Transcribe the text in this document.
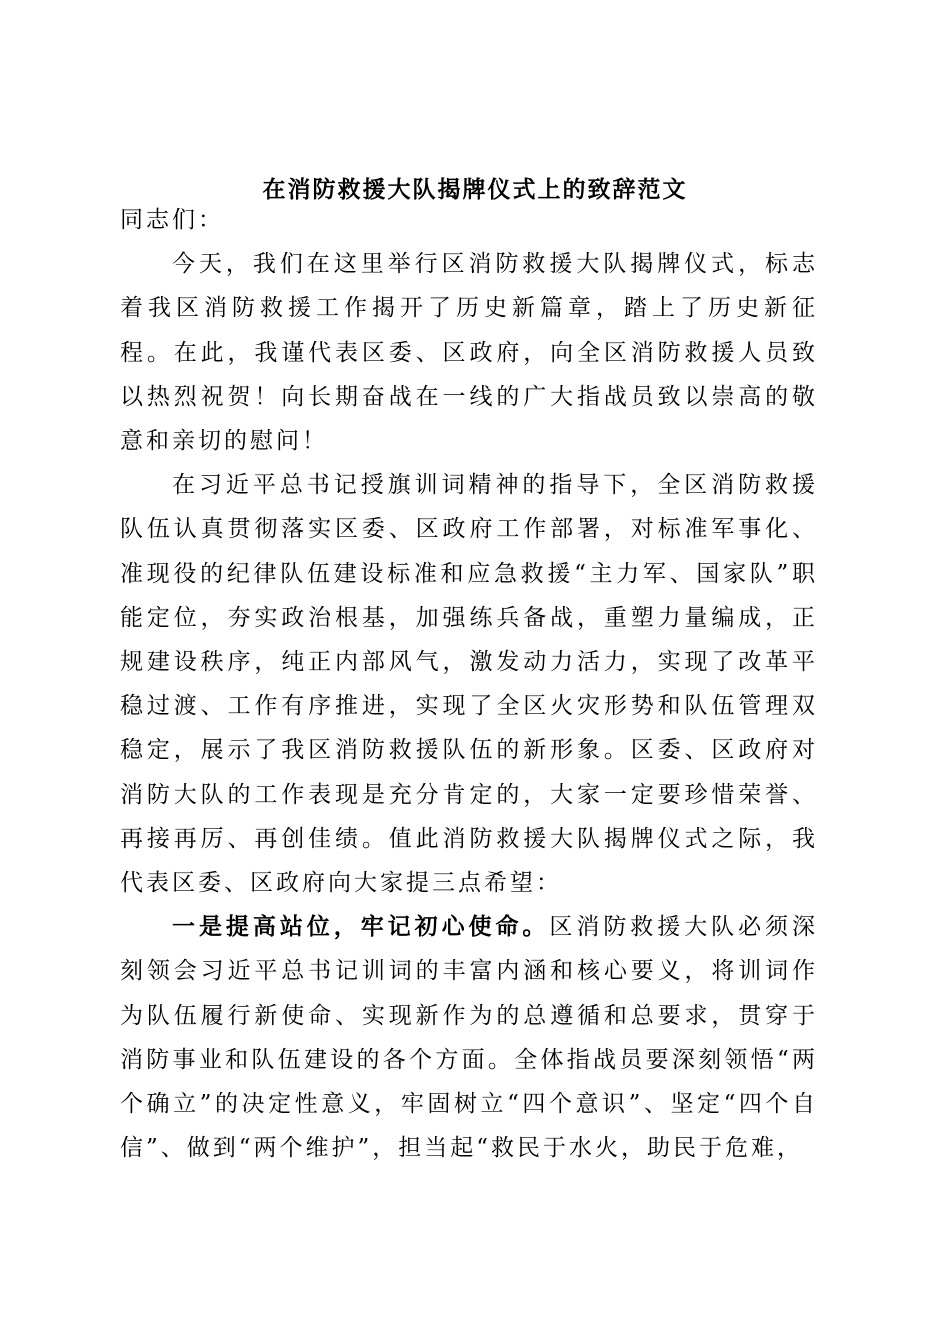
在消防救援大队揭牌仪式上的致辞范文

同志们：

今天，我们在这里举行区消防救援大队揭牌仪式，标志着我区消防救援工作揭开了历史新篇章，踏上了历史新征程。在此，我谨代表区委、区政府，向全区消防救援人员致以热烈祝贺！向长期奋战在一线的广大指战员致以崇高的敬意和亲切的慰问！

在习近平总书记授旗训词精神的指导下，全区消防救援队伍认真贯彻落实区委、区政府工作部署，对标准军事化、准现役的纪律队伍建设标准和应急救援“主力军、国家队”职能定位，夯实政治根基，加强练兵备战，重塑力量编成，正规建设秩序，纯正内部风气，激发动力活力，实现了改革平稳过渡、工作有序推进，实现了全区火灾形势和队伍管理双稳定，展示了我区消防救援队伍的新形象。区委、区政府对消防大队的工作表现是充分肯定的，大家一定要珍惜荣誉、再接再厉、再创佳绩。值此消防救援大队揭牌仪式之际，我代表区委、区政府向大家提三点希望：

一是提高站位，牢记初心使命。区消防救援大队必须深刻领会习近平总书记训词的丰富内涵和核心要义，将训词作为队伍履行新使命、实现新作为的总遵循和总要求，贯穿于消防事业和队伍建设的各个方面。全体指战员要深刻领悟“两个确立”的决定性意义，牢固树立“四个意识”、坚定“四个自信”、做到“两个维护”，担当起“救民于水火，助民于危难，
